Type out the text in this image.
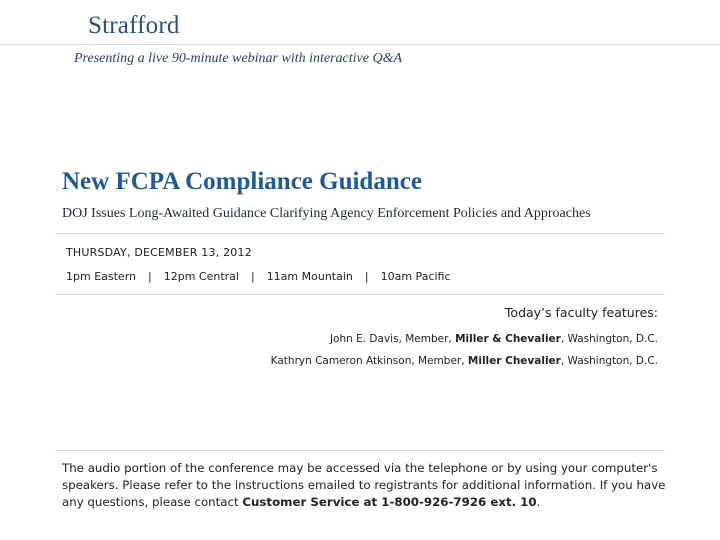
Strafford
Presenting a live 90-minute webinar with interactive Q&A
New FCPA Compliance Guidance
DOJ Issues Long-Awaited Guidance Clarifying Agency Enforcement Policies and Approaches
THURSDAY, DECEMBER 13, 2012
1pm Eastern | 12pm Central | 11am Mountain | 10am Pacific
Today’s faculty features:
John E. Davis, Member, Miller & Chevalier, Washington, D.C.
Kathryn Cameron Atkinson, Member, Miller Chevalier, Washington, D.C.
The audio portion of the conference may be accessed via the telephone or by using your computer's speakers. Please refer to the instructions emailed to registrants for additional information. If you have any questions, please contact Customer Service at 1-800-926-7926 ext. 10.
